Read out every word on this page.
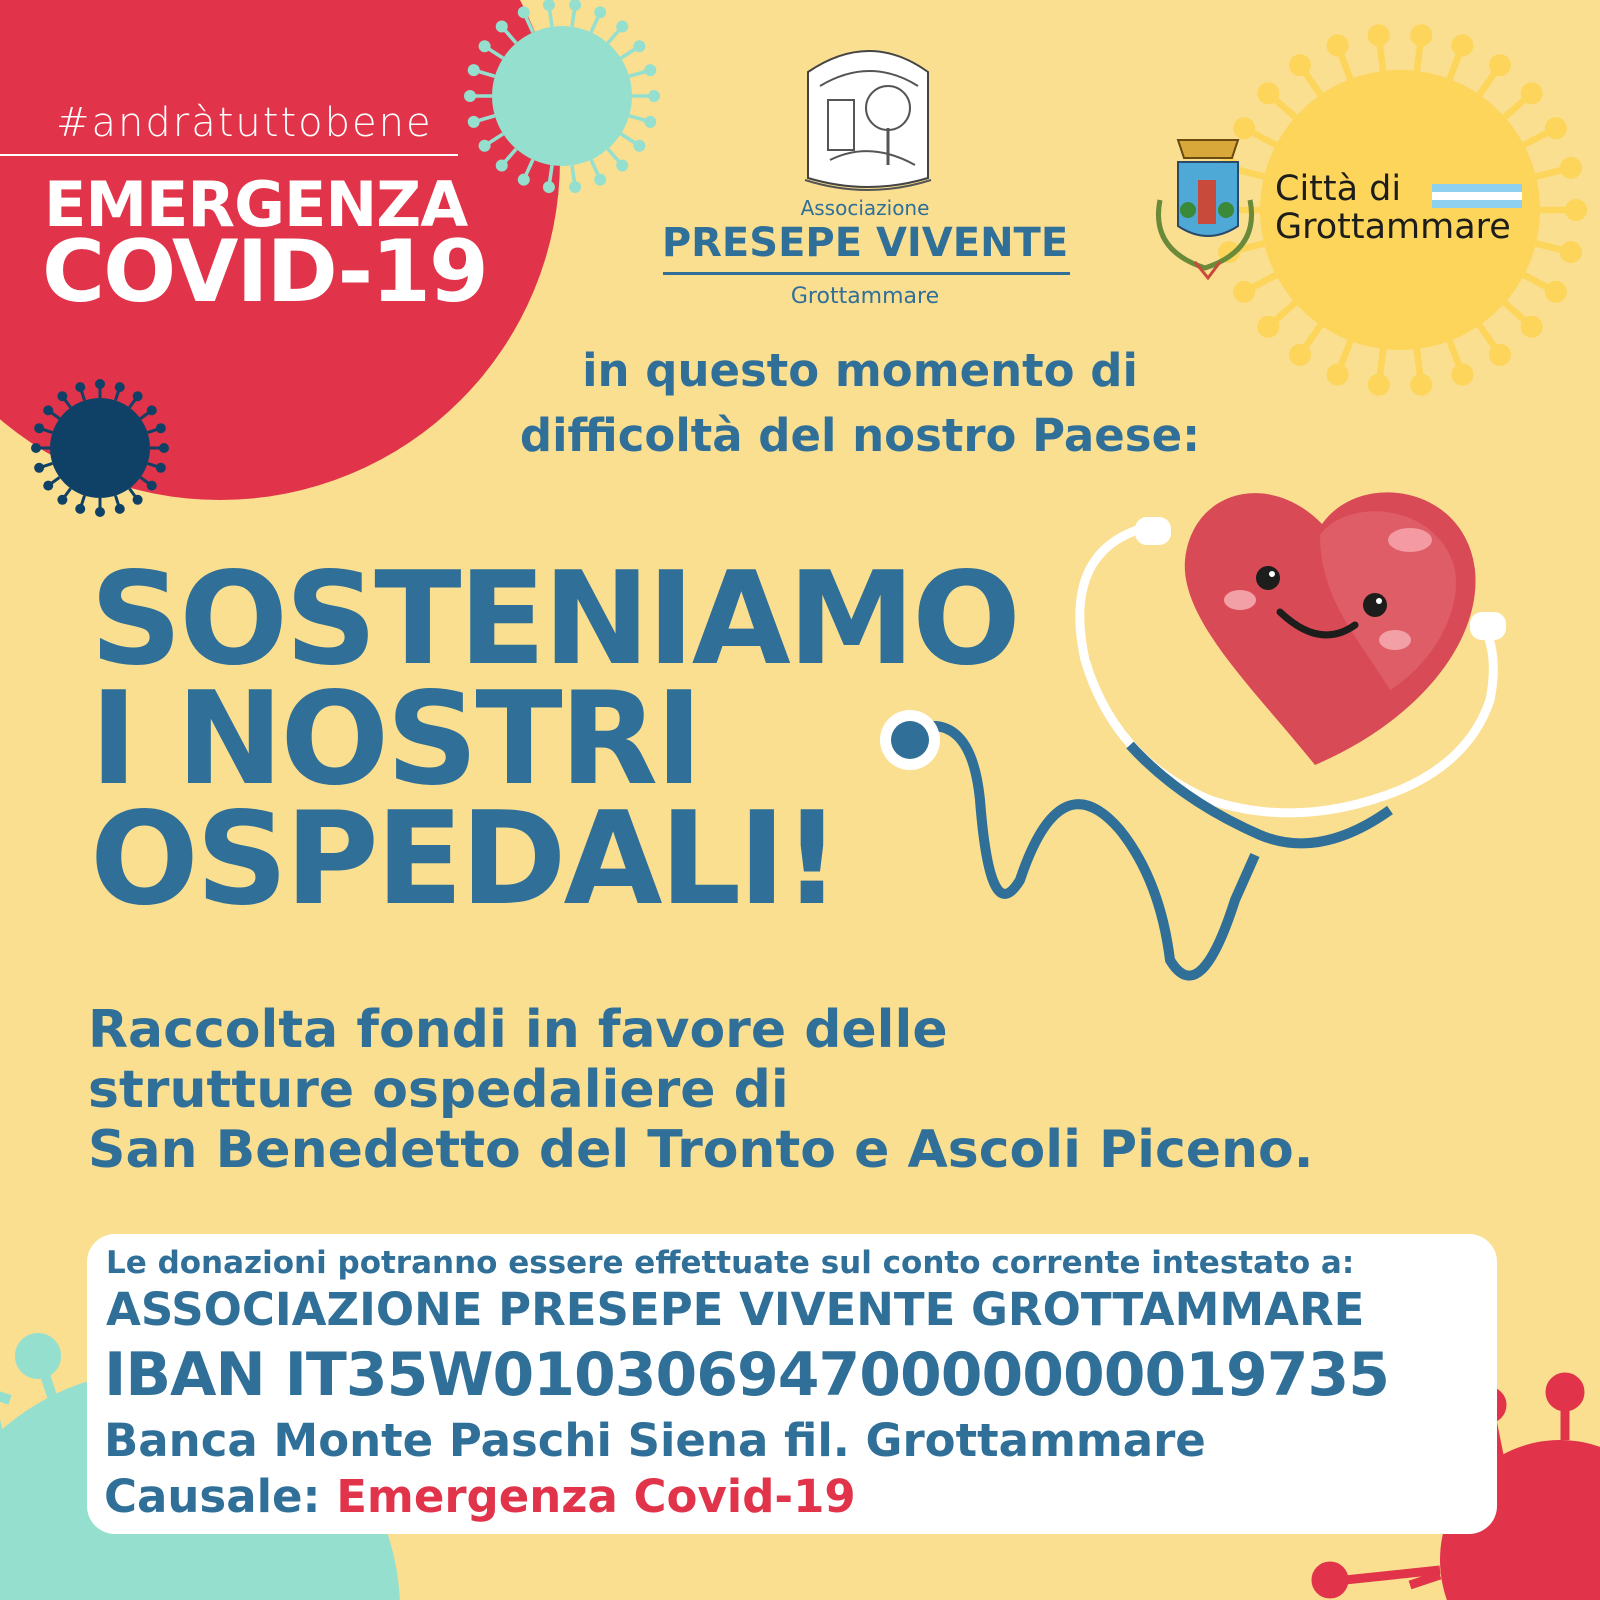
#andràtuttobene
EMERGENZA
COVID-19
Associazione
PRESEPE VIVENTE
Grottammare
Città di
Grottammare
in questo momento di
difficoltà del nostro Paese:
SOSTENIAMO
I NOSTRI
OSPEDALI!
Raccolta fondi in favore delle
strutture ospedaliere di
San Benedetto del Tronto e Ascoli Piceno.
Le donazioni potranno essere effettuate sul conto corrente intestato a:
ASSOCIAZIONE PRESEPE VIVENTE GROTTAMMARE
IBAN IT35W0103069470000000019735
Banca Monte Paschi Siena fil. Grottammare
Causale: Emergenza Covid-19
